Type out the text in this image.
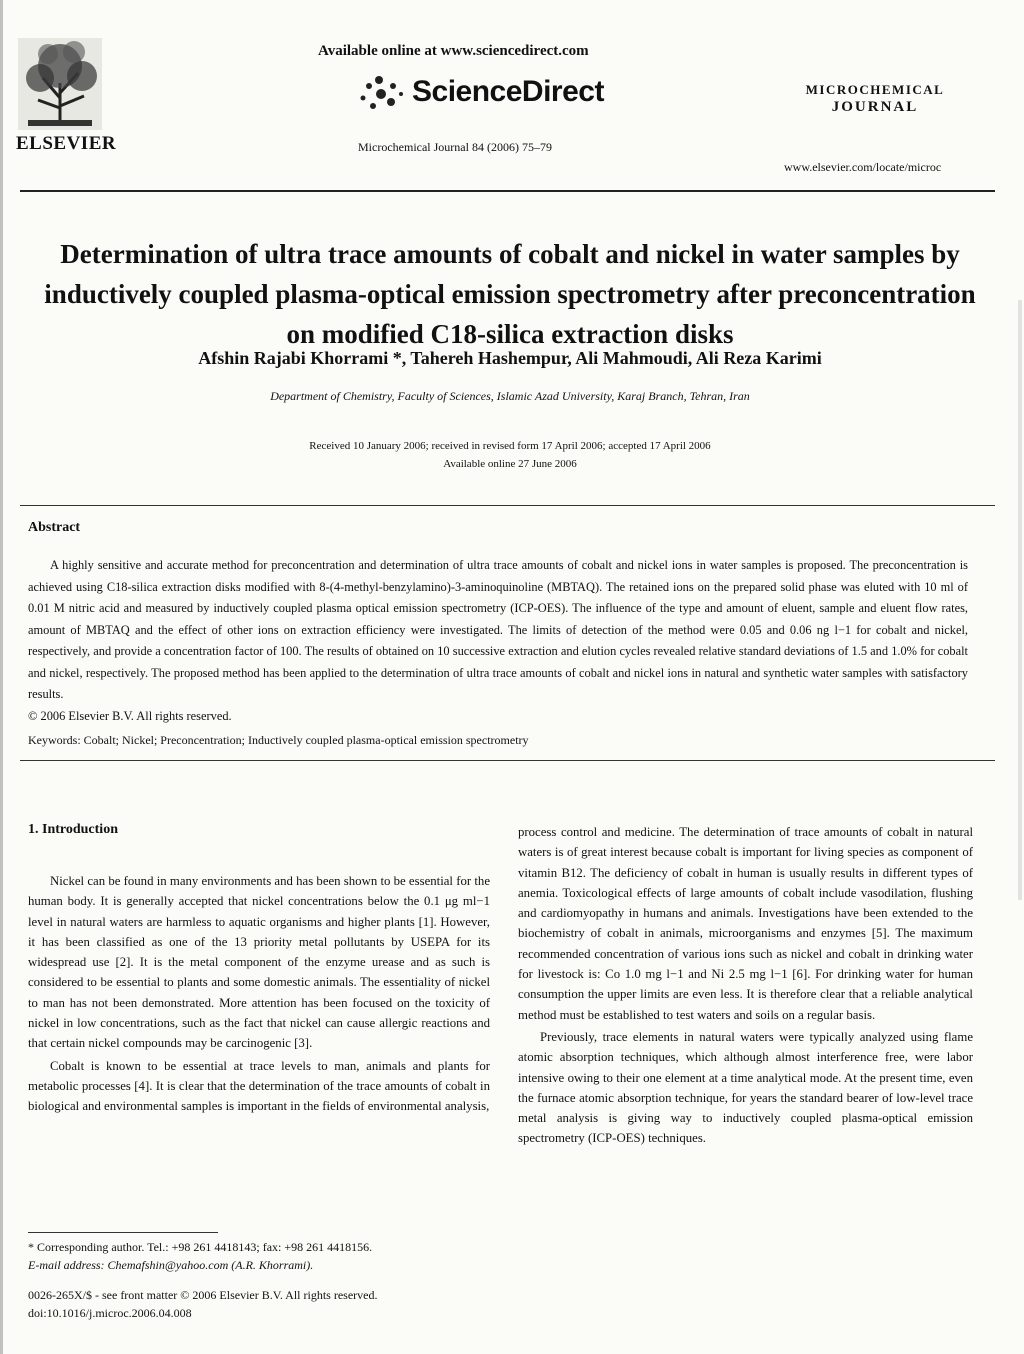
ELSEVIER
Available online at www.sciencedirect.com
ScienceDirect
Microchemical Journal 84 (2006) 75–79
MICROCHEMICAL
JOURNAL
www.elsevier.com/locate/microc
Determination of ultra trace amounts of cobalt and nickel in water samples by inductively coupled plasma-optical emission spectrometry after preconcentration on modified C18-silica extraction disks
Afshin Rajabi Khorrami *, Tahereh Hashempur, Ali Mahmoudi, Ali Reza Karimi
Department of Chemistry, Faculty of Sciences, Islamic Azad University, Karaj Branch, Tehran, Iran
Received 10 January 2006; received in revised form 17 April 2006; accepted 17 April 2006
Available online 27 June 2006
Abstract
A highly sensitive and accurate method for preconcentration and determination of ultra trace amounts of cobalt and nickel ions in water samples is proposed. The preconcentration is achieved using C18-silica extraction disks modified with 8-(4-methyl-benzylamino)-3-aminoquinoline (MBTAQ). The retained ions on the prepared solid phase was eluted with 10 ml of 0.01 M nitric acid and measured by inductively coupled plasma optical emission spectrometry (ICP-OES). The influence of the type and amount of eluent, sample and eluent flow rates, amount of MBTAQ and the effect of other ions on extraction efficiency were investigated. The limits of detection of the method were 0.05 and 0.06 ng l−1 for cobalt and nickel, respectively, and provide a concentration factor of 100. The results of obtained on 10 successive extraction and elution cycles revealed relative standard deviations of 1.5 and 1.0% for cobalt and nickel, respectively. The proposed method has been applied to the determination of ultra trace amounts of cobalt and nickel ions in natural and synthetic water samples with satisfactory results.
© 2006 Elsevier B.V. All rights reserved.
Keywords: Cobalt; Nickel; Preconcentration; Inductively coupled plasma-optical emission spectrometry
1. Introduction

Nickel can be found in many environments and has been shown to be essential for the human body. It is generally accepted that nickel concentrations below the 0.1 μg ml−1 level in natural waters are harmless to aquatic organisms and higher plants [1]. However, it has been classified as one of the 13 priority metal pollutants by USEPA for its widespread use [2]. It is the metal component of the enzyme urease and as such is considered to be essential to plants and some domestic animals. The essentiality of nickel to man has not been demonstrated. More attention has been focused on the toxicity of nickel in low concentrations, such as the fact that nickel can cause allergic reactions and that certain nickel compounds may be carcinogenic [3].

Cobalt is known to be essential at trace levels to man, animals and plants for metabolic processes [4]. It is clear that the determination of the trace amounts of cobalt in biological and environmental samples is important in the fields of environmental analysis,

process control and medicine. The determination of trace amounts of cobalt in natural waters is of great interest because cobalt is important for living species as component of vitamin B12. The deficiency of cobalt in human is usually results in different types of anemia. Toxicological effects of large amounts of cobalt include vasodilation, flushing and cardiomyopathy in humans and animals. Investigations have been extended to the biochemistry of cobalt in animals, microorganisms and enzymes [5]. The maximum recommended concentration of various ions such as nickel and cobalt in drinking water for livestock is: Co 1.0 mg l−1 and Ni 2.5 mg l−1 [6]. For drinking water for human consumption the upper limits are even less. It is therefore clear that a reliable analytical method must be established to test waters and soils on a regular basis.

Previously, trace elements in natural waters were typically analyzed using flame atomic absorption techniques, which although almost interference free, were labor intensive owing to their one element at a time analytical mode. At the present time, even the furnace atomic absorption technique, for years the standard bearer of low-level trace metal analysis is giving way to inductively coupled plasma-optical emission spectrometry (ICP-OES) techniques.

* Corresponding author. Tel.: +98 261 4418143; fax: +98 261 4418156.
E-mail address: Chemafshin@yahoo.com (A.R. Khorrami).
0026-265X/$ - see front matter © 2006 Elsevier B.V. All rights reserved.
doi:10.1016/j.microc.2006.04.008
